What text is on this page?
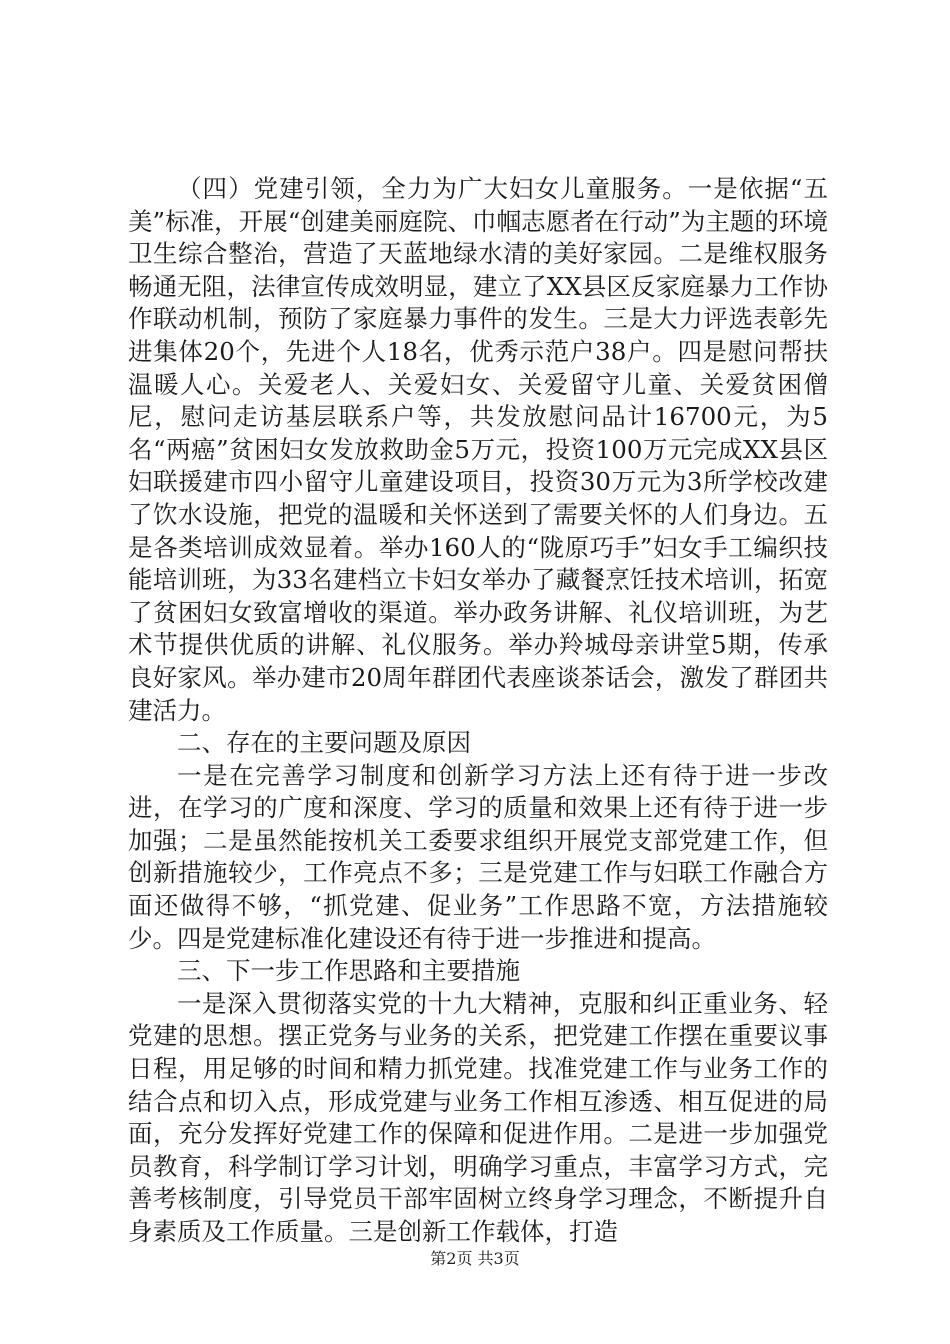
（四）党建引领，全力为广大妇女儿童服务。一是依据“五美”标准，开展“创建美丽庭院、巾帼志愿者在行动”为主题的环境卫生综合整治，营造了天蓝地绿水清的美好家园。二是维权服务畅通无阻，法律宣传成效明显，建立了XX县区反家庭暴力工作协作联动机制，预防了家庭暴力事件的发生。三是大力评选表彰先进集体20个，先进个人18名，优秀示范户38户。四是慰问帮扶温暖人心。关爱老人、关爱妇女、关爱留守儿童、关爱贫困僧尼，慰问走访基层联系户等，共发放慰问品计16700元，为5名“两癌”贫困妇女发放救助金5万元，投资100万元完成XX县区妇联援建市四小留守儿童建设项目，投资30万元为3所学校改建了饮水设施，把党的温暖和关怀送到了需要关怀的人们身边。五是各类培训成效显着。举办160人的“陇原巧手”妇女手工编织技能培训班，为33名建档立卡妇女举办了藏餐烹饪技术培训，拓宽了贫困妇女致富增收的渠道。举办政务讲解、礼仪培训班，为艺术节提供优质的讲解、礼仪服务。举办羚城母亲讲堂5期，传承良好家风。举办建市20周年群团代表座谈茶话会，激发了群团共建活力。

二、存在的主要问题及原因

一是在完善学习制度和创新学习方法上还有待于进一步改进，在学习的广度和深度、学习的质量和效果上还有待于进一步加强；二是虽然能按机关工委要求组织开展党支部党建工作，但创新措施较少，工作亮点不多；三是党建工作与妇联工作融合方面还做得不够，“抓党建、促业务”工作思路不宽，方法措施较少。四是党建标准化建设还有待于进一步推进和提高。

三、下一步工作思路和主要措施

一是深入贯彻落实党的十九大精神，克服和纠正重业务、轻党建的思想。摆正党务与业务的关系，把党建工作摆在重要议事日程，用足够的时间和精力抓党建。找准党建工作与业务工作的结合点和切入点，形成党建与业务工作相互渗透、相互促进的局面，充分发挥好党建工作的保障和促进作用。二是进一步加强党员教育，科学制订学习计划，明确学习重点，丰富学习方式，完善考核制度，引导党员干部牢固树立终身学习理念，不断提升自身素质及工作质量。三是创新工作载体，打造

第2页 共3页
